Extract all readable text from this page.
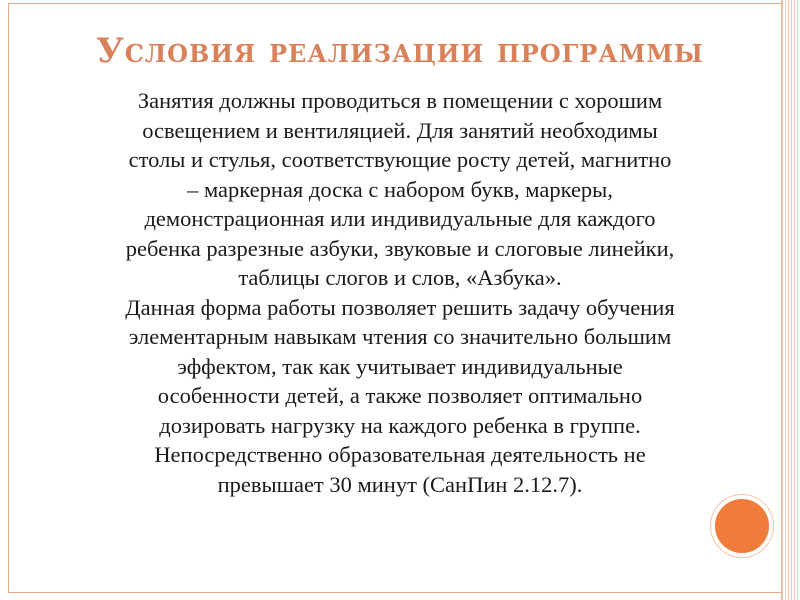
Условия реализации программы
Занятия должны проводиться в помещении с хорошим
освещением и вентиляцией. Для занятий необходимы
столы и стулья, соответствующие росту детей, магнитно
– маркерная доска с набором букв, маркеры,
демонстрационная или индивидуальные для каждого
ребенка разрезные азбуки, звуковые и слоговые линейки,
таблицы слогов и слов, «Азбука».
Данная форма работы позволяет решить задачу обучения
элементарным навыкам чтения со значительно большим
эффектом, так как учитывает индивидуальные
особенности детей, а также позволяет оптимально
дозировать нагрузку на каждого ребенка в группе.
Непосредственно образовательная деятельность не
превышает 30 минут (СанПин 2.12.7).
